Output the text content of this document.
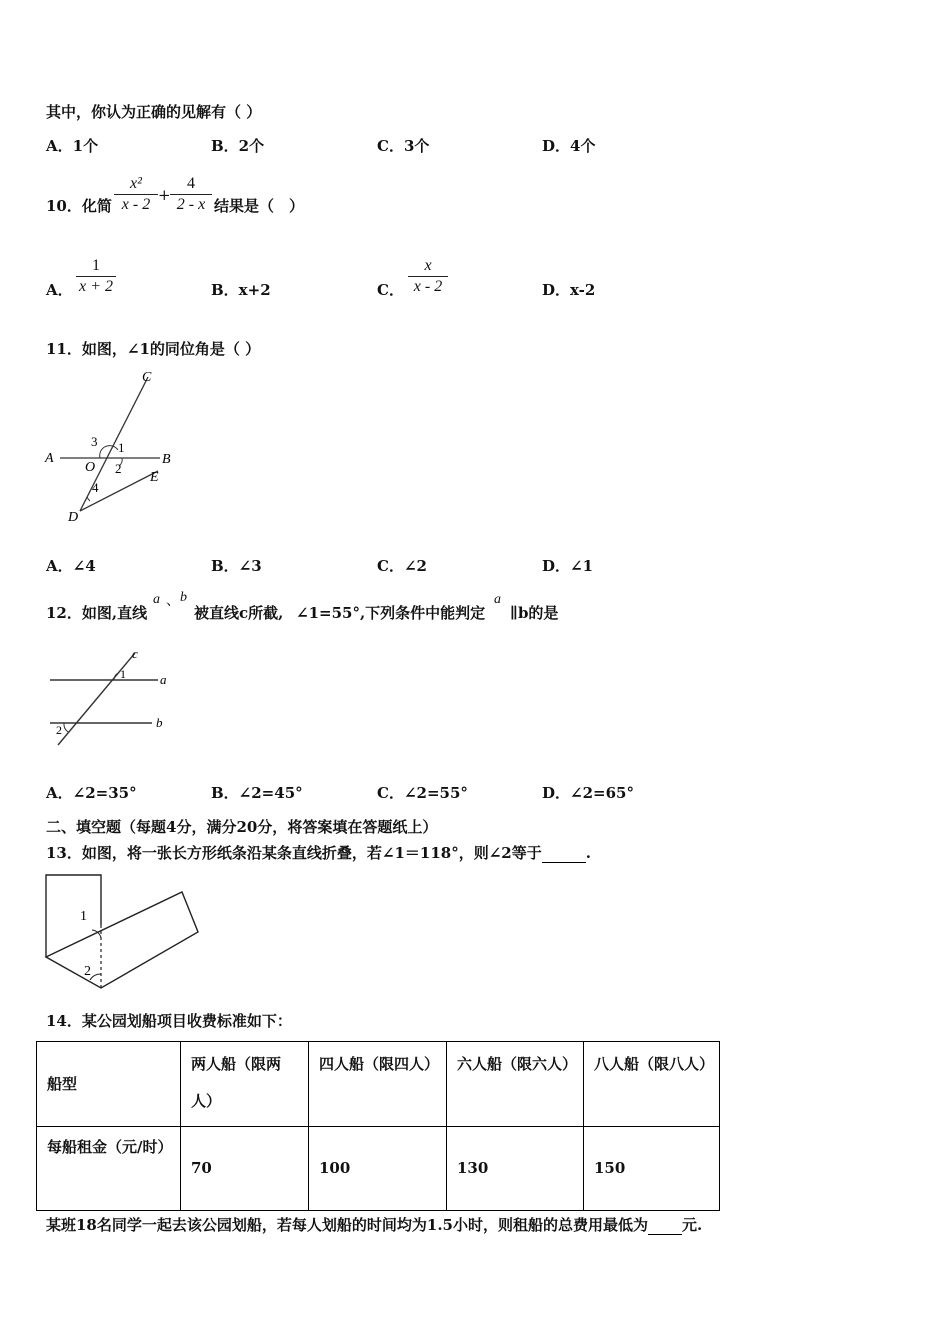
其中，你认为正确的见解有（ ）
A．1个	B．2个	C．3个	D．4个
10．化简
x²
x - 2
+
4
2 - x 结果是（　）
A．
1
x + 2	B．x+2	C．
x
x - 2	D．x-2
11．如图，∠1的同位角是（ ）
C
A
O
B
E
D
1
2
3
4
A．∠4	B．∠3	C．∠2	D．∠1
12．如图,直线
a 、 b
被直线c所截, ∠1=55°,下列条件中能判定
a
∥b的是
c
a
b
1
2
A．∠2=35°	B．∠2=45°	C．∠2=55°	D．∠2=65°
二、填空题（每题4分，满分20分，将答案填在答题纸上）
13．如图，将一张长方形纸条沿某条直线折叠，若∠1＝118°，则∠2等于	.
1
2
14．某公园划船项目收费标准如下：
船型	两人船（限两人）	四人船（限四人）	六人船（限六人）	八人船（限八人）
每船租金（元/时）	70	100	130	150
某班18名同学一起去该公园划船，若每人划船的时间均为1.5小时，则租船的总费用最低为 元.
